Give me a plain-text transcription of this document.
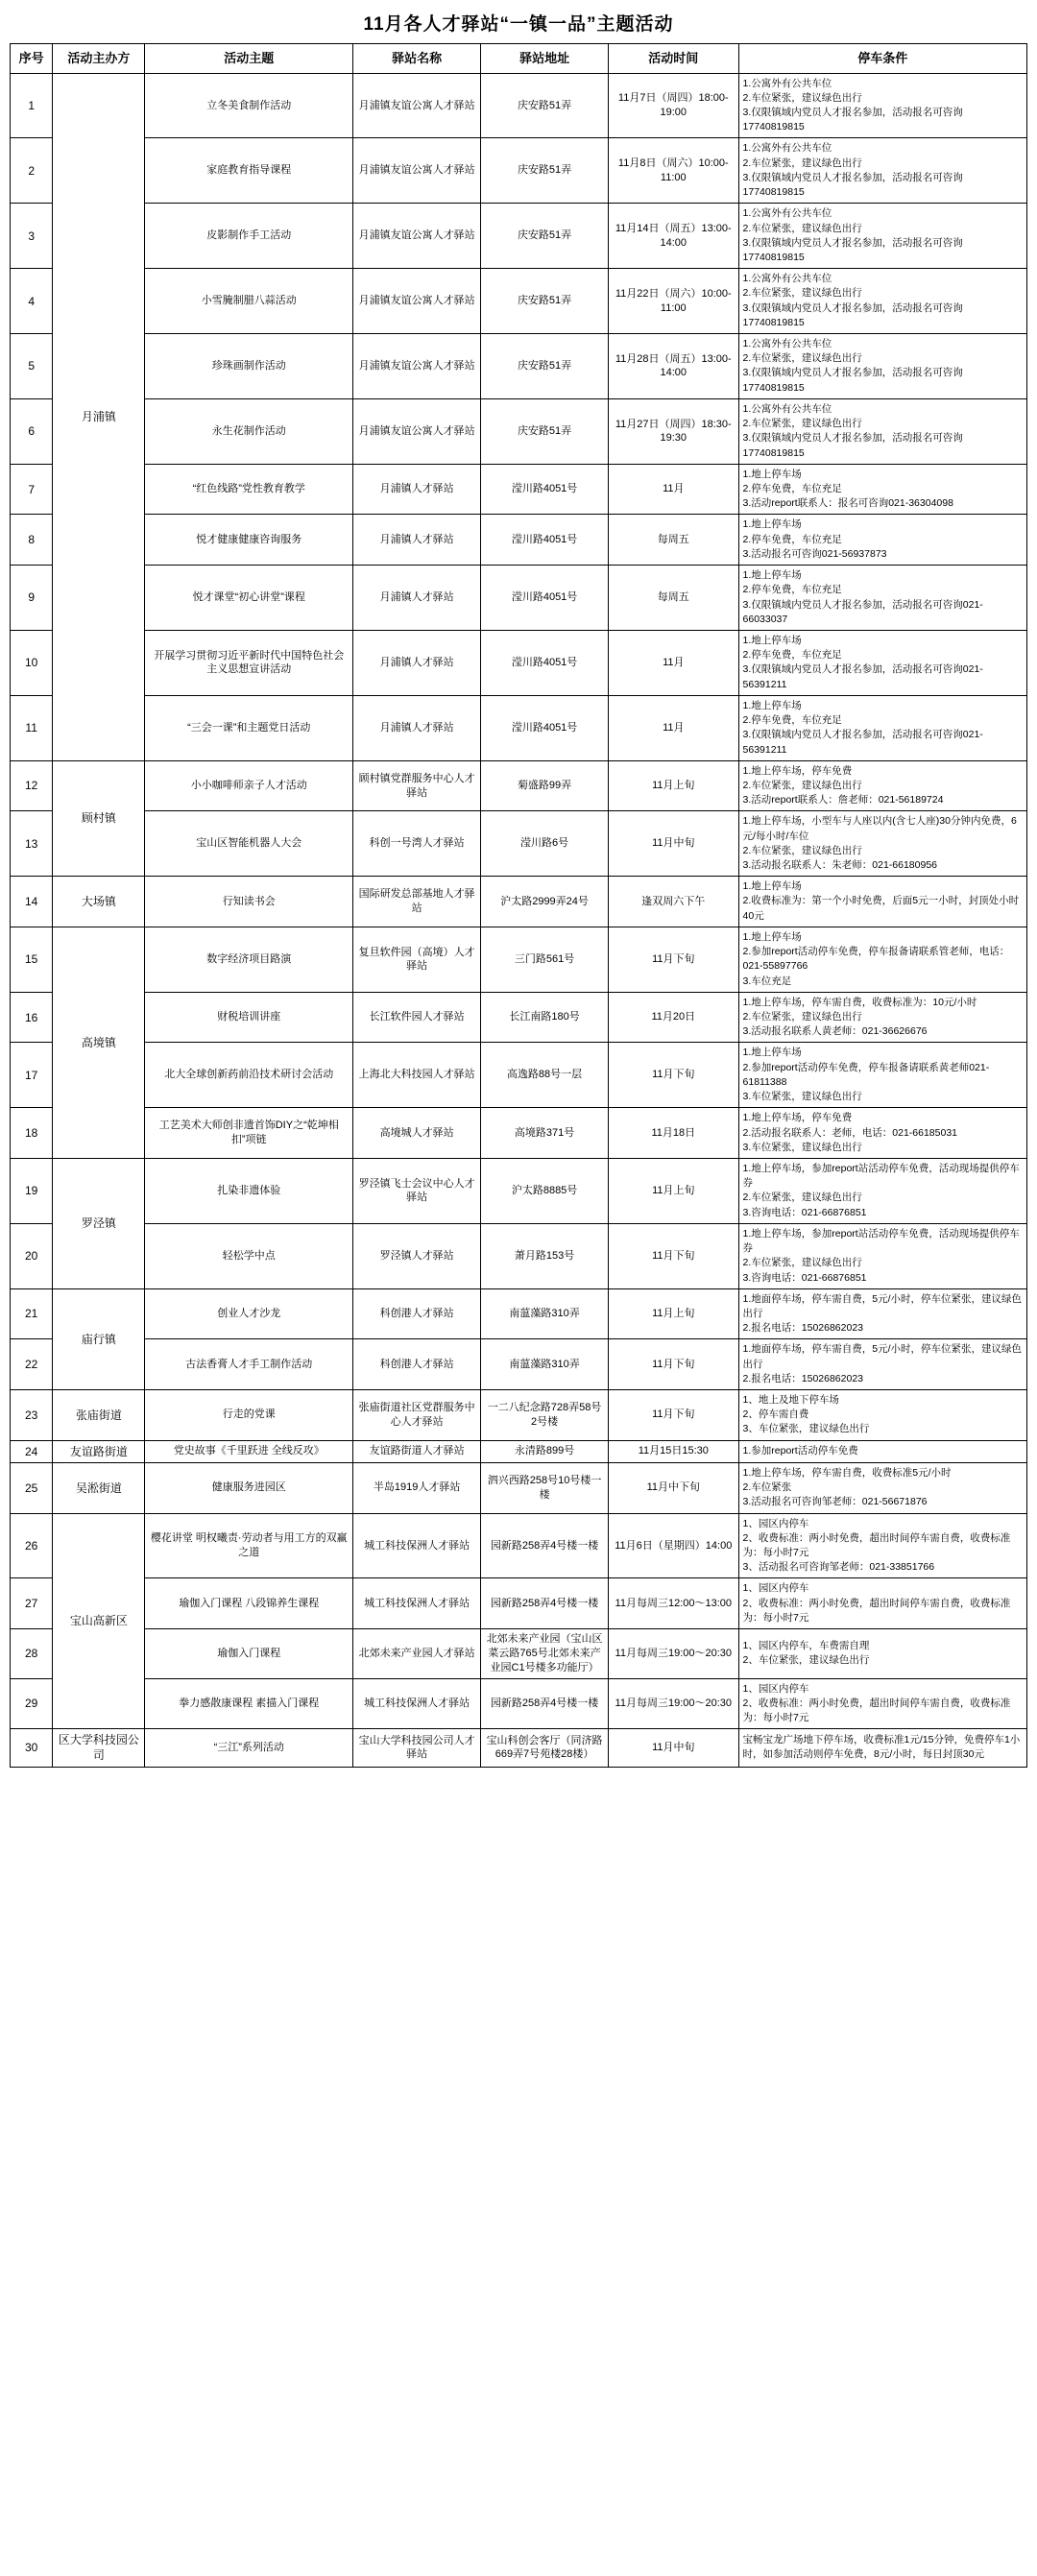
11月各人才驿站“一镇一品”主题活动
序号	活动主办方	活动主题	驿站名称	驿站地址	活动时间	停车条件
1	月浦镇	立冬美食制作活动	月浦镇友谊公寓人才驿站	庆安路51弄	11月7日（周四）18:00-19:00	1.公寓外有公共车位
2.车位紧张，建议绿色出行
3.仅限镇域内党员人才报名参加，活动报名可咨询17740819815

2		家庭教育指导课程	月浦镇友谊公寓人才驿站	庆安路51弄	11月8日（周六）10:00-11:00	1.公寓外有公共车位
2.车位紧张，建议绿色出行
3.仅限镇域内党员人才报名参加，活动报名可咨询17740819815

3		皮影制作手工活动	月浦镇友谊公寓人才驿站	庆安路51弄	11月14日（周五）13:00-14:00	1.公寓外有公共车位
2.车位紧张，建议绿色出行
3.仅限镇域内党员人才报名参加，活动报名可咨询17740819815

4		小雪腌制腊八蒜活动	月浦镇友谊公寓人才驿站	庆安路51弄	11月22日（周六）10:00-11:00	1.公寓外有公共车位
2.车位紧张，建议绿色出行
3.仅限镇域内党员人才报名参加，活动报名可咨询17740819815

5		珍珠画制作活动	月浦镇友谊公寓人才驿站	庆安路51弄	11月28日（周五）13:00-14:00	1.公寓外有公共车位
2.车位紧张，建议绿色出行
3.仅限镇域内党员人才报名参加，活动报名可咨询17740819815

6		永生花制作活动	月浦镇友谊公寓人才驿站	庆安路51弄	11月27日（周四）18:30-19:30	1.公寓外有公共车位
2.车位紧张，建议绿色出行
3.仅限镇域内党员人才报名参加，活动报名可咨询17740819815

7		“红色线路”党性教育教学	月浦镇人才驿站	滢川路4051号	11月	1.地上停车场
2.停车免费，车位充足
3.活动report联系人：报名可咨询021-36304098

8		悦才健康健康咨询服务	月浦镇人才驿站	滢川路4051号	每周五	1.地上停车场
2.停车免费，车位充足
3.活动报名可咨询021-56937873

9		悦才课堂“初心讲堂”课程	月浦镇人才驿站	滢川路4051号	每周五	1.地上停车场
2.停车免费，车位充足
3.仅限镇域内党员人才报名参加，活动报名可咨询021-66033037

10		开展学习贯彻习近平新时代中国特色社会主义思想宣讲活动	月浦镇人才驿站	滢川路4051号	11月	1.地上停车场
2.停车免费，车位充足
3.仅限镇域内党员人才报名参加，活动报名可咨询021-56391211

11		“三会一课”和主题党日活动	月浦镇人才驿站	滢川路4051号	11月	1.地上停车场
2.停车免费，车位充足
3.仅限镇域内党员人才报名参加，活动报名可咨询021-56391211

12	顾村镇	小小咖啡师亲子人才活动	顾村镇党群服务中心人才驿站	菊盛路99弄	11月上旬	1.地上停车场，停车免费
2.车位紧张，建议绿色出行
3.活动report联系人：詹老师：021-56189724

13		宝山区智能机器人大会	科创一号湾人才驿站	滢川路6号	11月中旬	1.地上停车场，小型车与人座以内(含七人座)30分钟内免费，6元/每小时/车位
2.车位紧张，建议绿色出行
3.活动报名联系人：朱老师：021-66180956

14	大场镇	行知读书会	国际研发总部基地人才驿站	沪太路2999弄24号	逢双周六下午	1.地上停车场
2.收费标准为：第一个小时免费，后面5元一小时，封顶处小时40元

15	高境镇	数字经济项目路演	复旦软件园（高境）人才驿站	三门路561号	11月下旬	1.地上停车场
2.参加report活动停车免费，停车报备请联系管老师，电话：021-55897766
3.车位充足

16		财税培训讲座	长江软件园人才驿站	长江南路180号	11月20日	1.地上停车场，停车需自费，收费标准为：10元/小时
2.车位紧张，建议绿色出行
3.活动报名联系人黄老师：021-36626676

17		北大全球创新药前沿技术研讨会活动	上海北大科技园人才驿站	高逸路88号一层	11月下旬	1.地上停车场
2.参加report活动停车免费，停车报备请联系黄老师021-61811388
3.车位紧张，建议绿色出行

18		工艺美术大师创非遗首饰DIY之“乾坤相扣”项链	高境城人才驿站	高境路371号	11月18日	1.地上停车场，停车免费
2.活动报名联系人：老师，电话：021-66185031
3.车位紧张，建议绿色出行

19	罗泾镇	扎染非遗体验	罗泾镇飞士会议中心人才驿站	沪太路8885号	11月上旬	1.地上停车场，参加report站活动停车免费，活动现场提供停车券
2.车位紧张，建议绿色出行
3.咨询电话：021-66876851

20		轻松学中点	罗泾镇人才驿站	萧月路153号	11月下旬	1.地上停车场，参加report站活动停车免费，活动现场提供停车券
2.车位紧张，建议绿色出行
3.咨询电话：021-66876851

21	庙行镇	创业人才沙龙	科创港人才驿站	南蕰藻路310弄	11月上旬	1.地面停车场，停车需自费，5元/小时，停车位紧张，建议绿色出行
2.报名电话：15026862023

22		古法香膏人才手工制作活动	科创港人才驿站	南蕰藻路310弄	11月下旬	1.地面停车场，停车需自费，5元/小时，停车位紧张，建议绿色出行
2.报名电话：15026862023

23	张庙街道	行走的党课	张庙街道社区党群服务中心人才驿站	一二八纪念路728弄58号2号楼	11月下旬	1、地上及地下停车场
2、停车需自费
3、车位紧张，建议绿色出行

24	友谊路街道	党史故事《千里跃进 全线反攻》	友谊路街道人才驿站	永清路899号	11月15日15:30	1.参加report活动停车免费

25	吴淞街道	健康服务进园区	半岛1919人才驿站	泗兴西路258号10号楼一楼	11月中下旬	1.地上停车场，停车需自费，收费标准5元/小时
2.车位紧张
3.活动报名可咨询邹老师：021-56671876

26	宝山高新区	樱花讲堂 明权曦责·劳动者与用工方的双赢之道	城工科技保洲人才驿站	园新路258弄4号楼一楼	11月6日（星期四）14:00	1、园区内停车
2、收费标准：两小时免费，超出时间停车需自费，收费标准为：每小时7元
3、活动报名可咨询邹老师：021-33851766

27		瑜伽入门课程 八段锦养生课程	城工科技保洲人才驿站	园新路258弄4号楼一楼	11月每周三12:00～13:00	1、园区内停车
2、收费标准：两小时免费，超出时间停车需自费，收费标准为：每小时7元

28		瑜伽入门课程	北郊未来产业园人才驿站	北郊未来产业园（宝山区菜云路765号北郊未来产业园C1号楼多功能厅）	11月每周三19:00～20:30	1、园区内停车，车费需自理
2、车位紧张，建议绿色出行

29		拳力感散康课程 素描入门课程	城工科技保洲人才驿站	园新路258弄4号楼一楼	11月每周三19:00～20:30	1、园区内停车
2、收费标准：两小时免费，超出时间停车需自费，收费标准为：每小时7元

30	区大学科技园公司	“三江”系列活动	宝山大学科技园公司人才驿站	宝山科创会客厅（同济路669弄7号苑楼28楼）	11月中旬	宝畅宝龙广场地下停车场，收费标准1元/15分钟，免费停车1小时，如参加活动则停车免费，8元/小时，每日封顶30元
